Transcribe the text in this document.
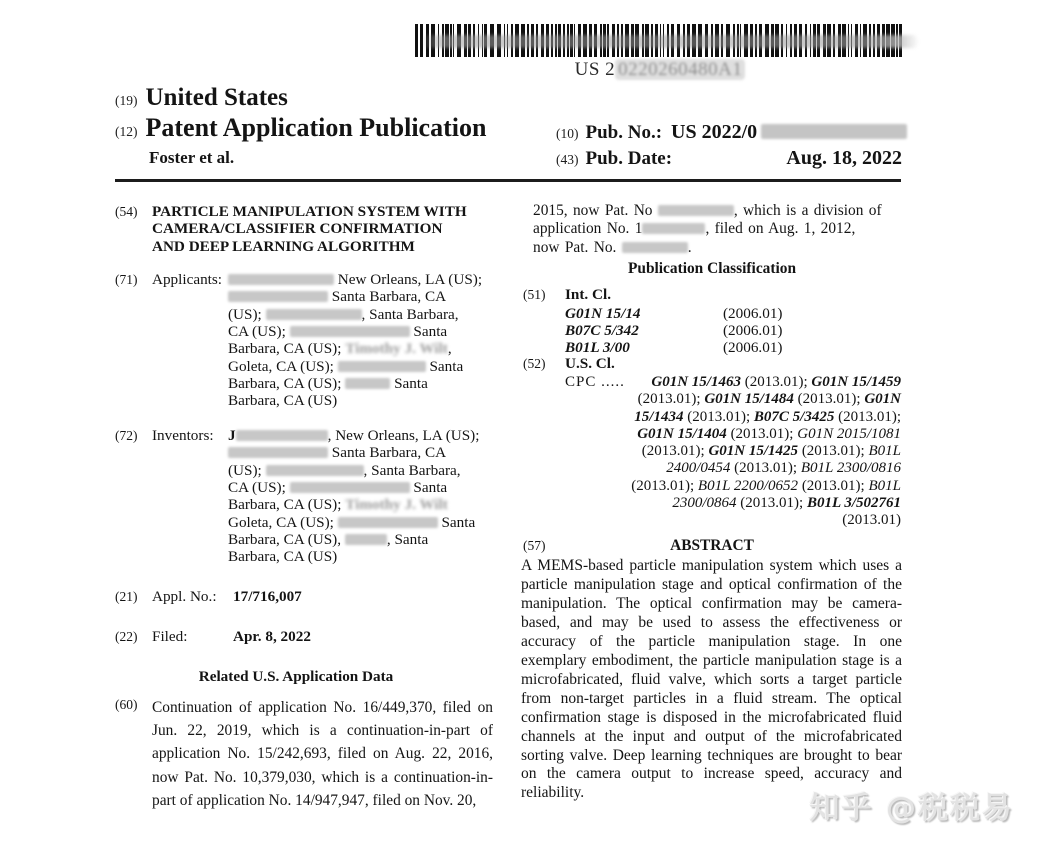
US 2 0220260480A1
(19) United States
(12) Patent Application Publication
Foster et al.
(10) Pub. No.: US 2022/0
(43) Pub. Date:	Aug. 18, 2022
(54) PARTICLE MANIPULATION SYSTEM WITH
CAMERA/CLASSIFIER CONFIRMATION
AND DEEP LEARNING ALGORITHM
(71) Applicants:	New Orleans, LA (US);
Santa Barbara, CA
(US);	, Santa Barbara,
CA (US);	Santa
Barbara, CA (US); Timothy J. Wilt,
Goleta, CA (US);	Santa
Barbara, CA (US);	Santa
Barbara, CA (US)
(72) Inventors: J	, New Orleans, LA (US);
Santa Barbara, CA
(US);	, Santa Barbara,
CA (US);	Santa
Barbara, CA (US); Timothy J. Wilt
Goleta, CA (US);	Santa
Barbara, CA (US),	, Santa
Barbara, CA (US)
(21) Appl. No.:	17/716,007
(22) Filed:	Apr. 8, 2022
Related U.S. Application Data
(60) Continuation of application No. 16/449,370, filed on Jun. 22, 2019, which is a continuation-in-part of application No. 15/242,693, filed on Aug. 22, 2016, now Pat. No. 10,379,030, which is a continuation-in-part of application No. 14/947,947, filed on Nov. 20,
2015, now Pat. No	, which is a division of
application No. 1	, filed on Aug. 1, 2012,
now Pat. No.	.
Publication Classification
(51) Int. Cl.
G01N 15/14	(2006.01)
B07C 5/342	(2006.01)
B01L 3/00	(2006.01)
(52) U.S. Cl.
CPC ..... G01N 15/1463 (2013.01); G01N 15/1459
(2013.01); G01N 15/1484 (2013.01); G01N
15/1434 (2013.01); B07C 5/3425 (2013.01);
G01N 15/1404 (2013.01); G01N 2015/1081
(2013.01); G01N 15/1425 (2013.01); B01L
2400/0454 (2013.01); B01L 2300/0816
(2013.01); B01L 2200/0652 (2013.01); B01L
2300/0864 (2013.01); B01L 3/502761
(2013.01)
(57)	ABSTRACT
A MEMS-based particle manipulation system which uses a particle manipulation stage and optical confirmation of the manipulation. The optical confirmation may be camera-based, and may be used to assess the effectiveness or accuracy of the particle manipulation stage. In one exemplary embodiment, the particle manipulation stage is a microfabricated, fluid valve, which sorts a target particle from non-target particles in a fluid stream. The optical confirmation stage is disposed in the microfabricated fluid channels at the input and output of the microfabricated sorting valve. Deep learning techniques are brought to bear on the camera output to increase speed, accuracy and reliability.	知乎 @税税易
